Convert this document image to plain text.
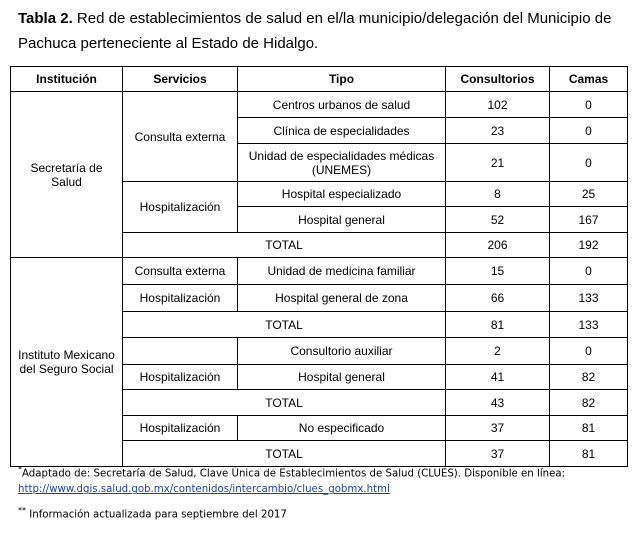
Tabla 2. Red de establecimientos de salud en el/la municipio/delegación del Municipio de Pachuca perteneciente al Estado de Hidalgo.
Institución	Servicios	Tipo	Consultorios	Camas
Secretaría de Salud	Consulta externa	Centros urbanos de salud	102	0
		Clínica de especialidades	23	0
		Unidad de especialidades médicas (UNEMES)	21	0
	Hospitalización	Hospital especializado	8	25
		Hospital general	52	167
	TOTAL		206	192
Instituto Mexicano del Seguro Social	Consulta externa	Unidad de medicina familiar	15	0
	Hospitalización	Hospital general de zona	66	133
	TOTAL		81	133
		Consultorio auxiliar	2	0
	Hospitalización	Hospital general	41	82
	TOTAL		43	82
	Hospitalización	No especificado	37	81
	TOTAL		37	81
*Adaptado de: Secretaría de Salud, Clave Única de Establecimientos de Salud (CLUES). Disponible en línea:
http://www.dgis.salud.gob.mx/contenidos/intercambio/clues_gobmx.html
** Información actualizada para septiembre del 2017
